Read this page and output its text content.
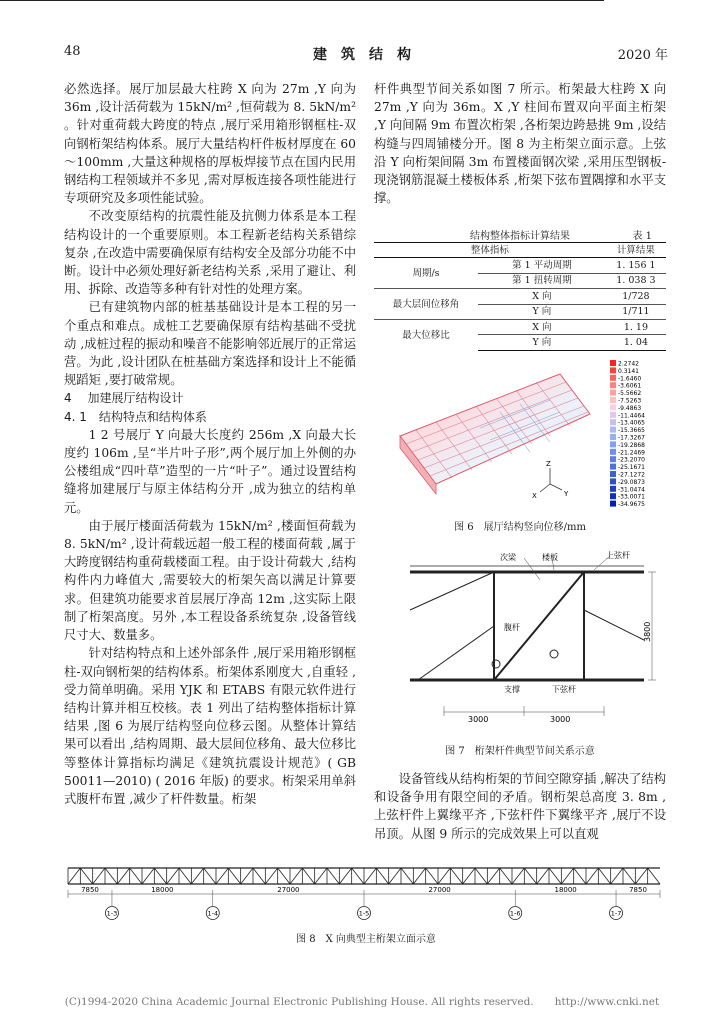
48	建　筑　结　构	2020 年

必然选择。展厅加层最大柱跨 X 向为 27m ,Y 向为 36m ,设计活荷载为 15kN/m² ,恒荷载为 8. 5kN/m² 。针对重荷载大跨度的特点 ,展厅采用箱形钢框柱-双向钢桁架结构体系。展厅大量结构杆件板材厚度在 60～100mm ,大量这种规格的厚板焊接节点在国内民用钢结构工程领域并不多见 ,需对厚板连接各项性能进行专项研究及多项性能试验。

不改变原结构的抗震性能及抗侧力体系是本工程结构设计的一个重要原则。本工程新老结构关系错综复杂 ,在改造中需要确保原有结构安全及部分功能不中断。设计中必须处理好新老结构关系 ,采用了避让、利用、拆除、改造等多种有针对性的处理方案。

已有建筑物内部的桩基基础设计是本工程的另一个重点和难点。成桩工艺要确保原有结构基础不受扰动 ,成桩过程的振动和噪音不能影响邻近展厅的正常运营。为此 ,设计团队在桩基础方案选择和设计上不能循规蹈矩 ,要打破常规。

4　 加建展厅结构设计
4. 1　结构特点和结构体系

1 2 号展厅 Y 向最大长度约 256m ,X 向最大长度约 106m ,呈“半片叶子形”,两个展厅加上外侧的办公楼组成“四叶草”造型的一片“叶子”。通过设置结构缝将加建展厅与原主体结构分开 ,成为独立的结构单元。

由于展厅楼面活荷载为 15kN/m² ,楼面恒荷载为 8. 5kN/m² ,设计荷载远超一般工程的楼面荷载 ,属于大跨度钢结构重荷载楼面工程。由于设计荷载大 ,结构构件内力峰值大 ,需要较大的桁架矢高以满足计算要求。但建筑功能要求首层展厅净高 12m ,这实际上限制了桁架高度。另外 ,本工程设备系统复杂 ,设备管线尺寸大、数量多。

针对结构特点和上述外部条件 ,展厅采用箱形钢框柱-双向钢桁架的结构体系。桁架体系刚度大 ,自重轻 ,受力简单明确。采用 YJK 和 ETABS 有限元软件进行结构计算并相互校核。表 1 列出了结构整体指标计算结果 ,图 6 为展厅结构竖向位移云图。从整体计算结果可以看出 ,结构周期、最大层间位移角、最大位移比等整体计算指标均满足《建筑抗震设计规范》( GB 50011—2010) ( 2016 年版) 的要求。桁架采用单斜式腹杆布置 ,减少了杆件数量。桁架

杆件典型节间关系如图 7 所示。桁架最大柱跨 X 向 27m ,Y 向为 36m。X ,Y 柱间布置双向平面主桁架 ,Y 向间隔 9m 布置次桁架 ,各桁架边跨悬挑 9m ,设结构缝与四周铺楼分开。图 8 为主桁架立面示意。上弦沿 Y 向桁架间隔 3m 布置楼面钢次梁 ,采用压型钢板-现浇钢筋混凝土楼板体系 ,桁架下弦布置隅撑和水平支撑。

结构整体指标计算结果	表 1
整体指标		计算结果
周期/s	第 1 平动周期	1. 156 1
	第 1 扭转周期	1. 038 3
最大层间位移角	X 向	1/728
	Y 向	1/711
最大位移比	X 向	1. 19
	Y 向	1. 04
Z
X	Y
2.2742
0.3141
-1.6460
-3.6061
-5.5662
-7.5263
-9.4863
-11.4464
-13.4065
-15.3665
-17.3267
-19.2868
-21.2469
-23.2070
-25.1671
-27.1272
-29.0873
-31.0474
-33.0071
-34.9675
图 6　展厅结构竖向位移/mm
次梁	楼板	上弦杆
腹杆
支撑	下弦杆
3800
3000	3000
图 7　桁架杆件典型节间关系示意

设备管线从结构桁架的节间空隙穿插 ,解决了结构和设备争用有限空间的矛盾。钢桁架总高度 3. 8m ,上弦杆件上翼缘平齐 ,下弦杆件下翼缘平齐 ,展厅不设吊顶。从图 9 所示的完成效果上可以直观

7850	18000	27000	27000	18000	7850
1-3	1-4	1-5	1-6	1-7
图 8　X 向典型主桁架立面示意
(C)1994-2020 China Academic Journal Electronic Publishing House. All rights reserved.　　http://www.cnki.net
